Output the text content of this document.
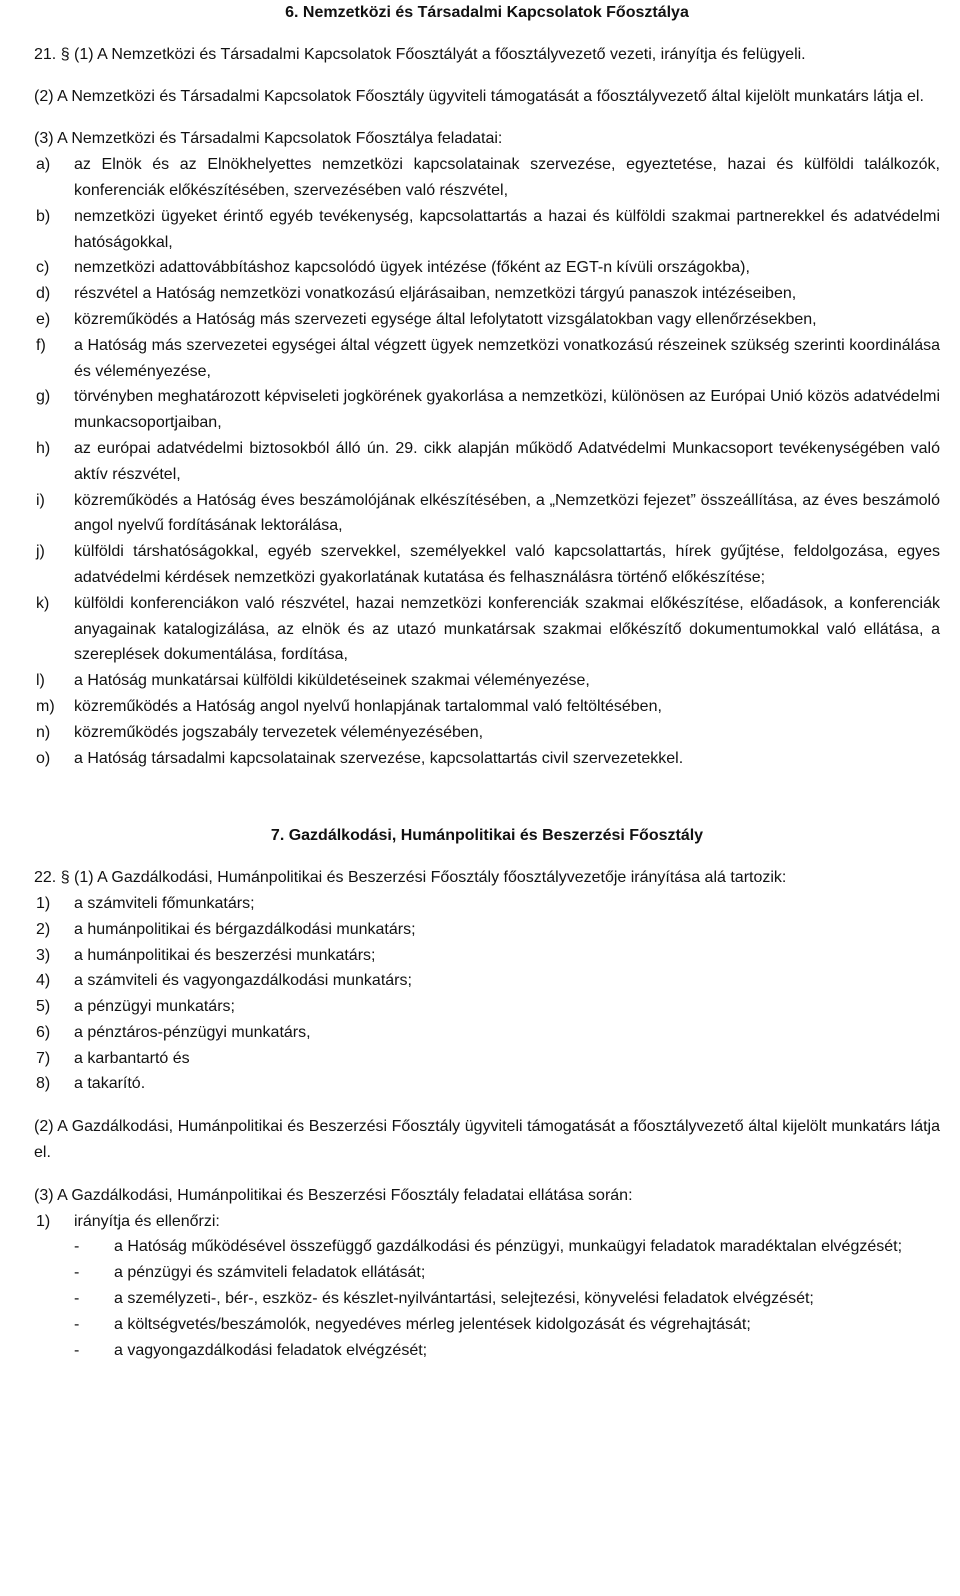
6. Nemzetközi és Társadalmi Kapcsolatok Főosztálya

21. § (1) A Nemzetközi és Társadalmi Kapcsolatok Főosztályát a főosztályvezető vezeti, irányítja és felügyeli.

(2) A Nemzetközi és Társadalmi Kapcsolatok Főosztály ügyviteli támogatását a főosztályvezető által kijelölt munkatárs látja el.

(3) A Nemzetközi és Társadalmi Kapcsolatok Főosztálya feladatai:

a) az Elnök és az Elnökhelyettes nemzetközi kapcsolatainak szervezése, egyeztetése, hazai és külföldi találkozók, konferenciák előkészítésében, szervezésében való részvétel,
b) nemzetközi ügyeket érintő egyéb tevékenység, kapcsolattartás a hazai és külföldi szakmai partnerekkel és adatvédelmi hatóságokkal,
c) nemzetközi adattovábbításhoz kapcsolódó ügyek intézése (főként az EGT-n kívüli országokba),
d) részvétel a Hatóság nemzetközi vonatkozású eljárásaiban, nemzetközi tárgyú panaszok intézéseiben,
e) közreműködés a Hatóság más szervezeti egysége által lefolytatott vizsgálatokban vagy ellenőrzésekben,
f) a Hatóság más szervezetei egységei által végzett ügyek nemzetközi vonatkozású részeinek szükség szerinti koordinálása és véleményezése,
g) törvényben meghatározott képviseleti jogkörének gyakorlása a nemzetközi, különösen az Európai Unió közös adatvédelmi munkacsoportjaiban,
h) az európai adatvédelmi biztosokból álló ún. 29. cikk alapján működő Adatvédelmi Munkacsoport tevékenységében való aktív részvétel,
i) közreműködés a Hatóság éves beszámolójának elkészítésében, a „Nemzetközi fejezet” összeállítása, az éves beszámoló angol nyelvű fordításának lektorálása,
j) külföldi társhatóságokkal, egyéb szervekkel, személyekkel való kapcsolattartás, hírek gyűjtése, feldolgozása, egyes adatvédelmi kérdések nemzetközi gyakorlatának kutatása és felhasználásra történő előkészítése;
k) külföldi konferenciákon való részvétel, hazai nemzetközi konferenciák szakmai előkészítése, előadások, a konferenciák anyagainak katalogizálása, az elnök és az utazó munkatársak szakmai előkészítő dokumentumokkal való ellátása, a szereplések dokumentálása, fordítása,
l) a Hatóság munkatársai külföldi kiküldetéseinek szakmai véleményezése,
m) közreműködés a Hatóság angol nyelvű honlapjának tartalommal való feltöltésében,
n) közreműködés jogszabály tervezetek véleményezésében,
o) a Hatóság társadalmi kapcsolatainak szervezése, kapcsolattartás civil szervezetekkel.
7. Gazdálkodási, Humánpolitikai és Beszerzési Főosztály

22. § (1) A Gazdálkodási, Humánpolitikai és Beszerzési Főosztály főosztályvezetője irányítása alá tartozik:

1) a számviteli főmunkatárs;
2) a humánpolitikai és bérgazdálkodási munkatárs;
3) a humánpolitikai és beszerzési munkatárs;
4) a számviteli és vagyongazdálkodási munkatárs;
5) a pénzügyi munkatárs;
6) a pénztáros-pénzügyi munkatárs,
7) a karbantartó és
8) a takarító.

(2) A Gazdálkodási, Humánpolitikai és Beszerzési Főosztály ügyviteli támogatását a főosztályvezető által kijelölt munkatárs látja el.

(3) A Gazdálkodási, Humánpolitikai és Beszerzési Főosztály feladatai ellátása során:

1) irányítja és ellenőrzi:
- a Hatóság működésével összefüggő gazdálkodási és pénzügyi, munkaügyi feladatok maradéktalan elvégzését;
- a pénzügyi és számviteli feladatok ellátását;
- a személyzeti-, bér-, eszköz- és készlet-nyilvántartási, selejtezési, könyvelési feladatok elvégzését;
- a költségvetés/beszámolók, negyedéves mérleg jelentések kidolgozását és végrehajtását;
- a vagyongazdálkodási feladatok elvégzését;
